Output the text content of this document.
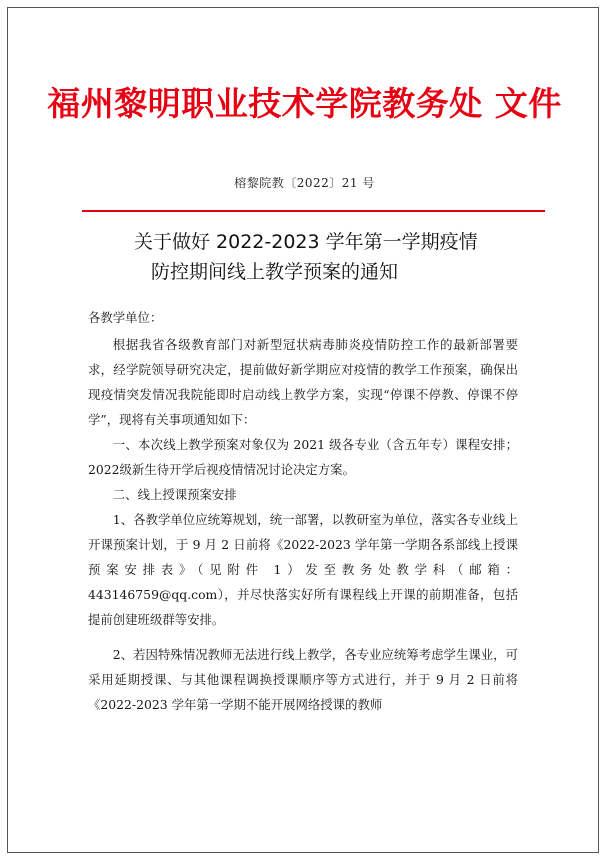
福州黎明职业技术学院教务处 文件
榕黎院教〔2022〕21 号
关于做好 2022-2023 学年第一学期疫情
防控期间线上教学预案的通知

各教学单位：

根据我省各级教育部门对新型冠状病毒肺炎疫情防控工作的最新部署要求，经学院领导研究决定，提前做好新学期应对疫情的教学工作预案，确保出现疫情突发情况我院能即时启动线上教学方案，实现“停课不停教、停课不停学”，现将有关事项通知如下：

一、本次线上教学预案对象仅为 2021 级各专业（含五年专）课程安排；2022级新生待开学后视疫情情况讨论决定方案。

二、线上授课预案安排

1、各教学单位应统筹规划，统一部署，以教研室为单位，落实各专业线上开课预案计划，于 9 月 2 日前将《2022-2023 学年第一学期各系部线上授课预案安排表》（见附件 1）发至教务处教学科（邮箱：443146759@qq.com），并尽快落实好所有课程线上开课的前期准备，包括提前创建班级群等安排。

2、若因特殊情况教师无法进行线上教学，各专业应统筹考虑学生课业，可采用延期授课、与其他课程调换授课顺序等方式进行，并于 9 月 2 日前将《2022-2023 学年第一学期不能开展网络授课的教师
